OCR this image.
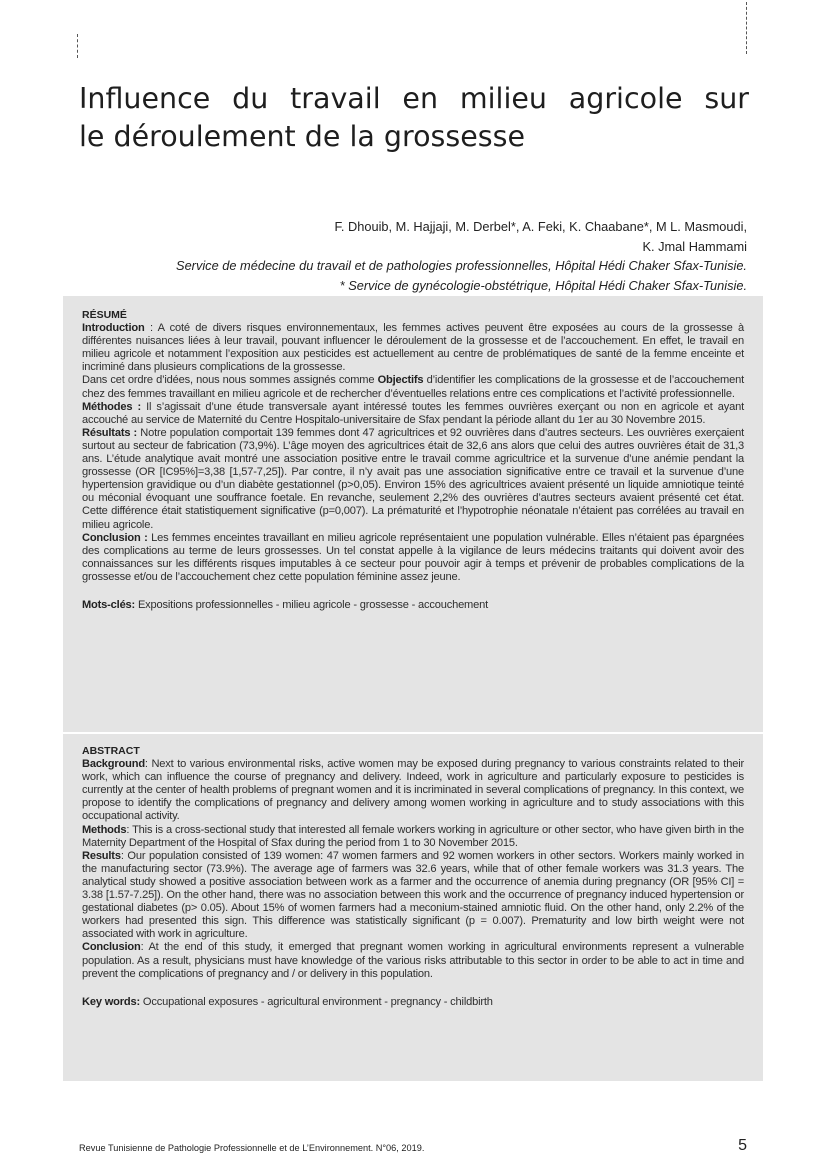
Influence du travail en milieu agricole sur
le déroulement de la grossesse
F. Dhouib, M. Hajjaji, M. Derbel*, A. Feki, K. Chaabane*, M L. Masmoudi,
K. Jmal Hammami
Service de médecine du travail et de pathologies professionnelles, Hôpital Hédi Chaker Sfax-Tunisie.
* Service de gynécologie-obstétrique, Hôpital Hédi Chaker Sfax-Tunisie.
RÉSUMÉ

Introduction : A coté de divers risques environnementaux, les femmes actives peuvent être exposées au cours de la grossesse à différentes nuisances liées à leur travail, pouvant influencer le déroulement de la grossesse et de l’accouchement. En effet, le travail en milieu agricole et notamment l’exposition aux pesticides est actuellement au centre de problématiques de santé de la femme enceinte et incriminé dans plusieurs complications de la grossesse.

Dans cet ordre d’idées, nous nous sommes assignés comme Objectifs d’identifier les complications de la grossesse et de l’accouchement chez des femmes travaillant en milieu agricole et de rechercher d’éventuelles relations entre ces complications et l’activité professionnelle.

Méthodes : Il s’agissait d’une étude transversale ayant intéressé toutes les femmes ouvrières exerçant ou non en agricole et ayant accouché au service de Maternité du Centre Hospitalo-universitaire de Sfax pendant la période allant du 1er au 30 Novembre 2015.

Résultats : Notre population comportait 139 femmes dont 47 agricultrices et 92 ouvrières dans d’autres secteurs. Les ouvrières exerçaient surtout au secteur de fabrication (73,9%). L’âge moyen des agricultrices était de 32,6 ans alors que celui des autres ouvrières était de 31,3 ans. L’étude analytique avait montré une association positive entre le travail comme agricultrice et la survenue d’une anémie pendant la grossesse (OR [IC95%]=3,38 [1,57-7,25]). Par contre, il n’y avait pas une association significative entre ce travail et la survenue d’une hypertension gravidique ou d’un diabète gestationnel (p>0,05). Environ 15% des agricultrices avaient présenté un liquide amniotique teinté ou méconial évoquant une souffrance foetale. En revanche, seulement 2,2% des ouvrières d’autres secteurs avaient présenté cet état. Cette différence était statistiquement significative (p=0,007). La prématurité et l’hypotrophie néonatale n’étaient pas corrélées au travail en milieu agricole.

Conclusion : Les femmes enceintes travaillant en milieu agricole représentaient une population vulnérable. Elles n’étaient pas épargnées des complications au terme de leurs grossesses. Un tel constat appelle à la vigilance de leurs médecins traitants qui doivent avoir des connaissances sur les différents risques imputables à ce secteur pour pouvoir agir à temps et prévenir de probables complications de la grossesse et/ou de l’accouchement chez cette population féminine assez jeune.

Mots-clés: Expositions professionnelles - milieu agricole - grossesse - accouchement

ABSTRACT

Background: Next to various environmental risks, active women may be exposed during pregnancy to various constraints related to their work, which can influence the course of pregnancy and delivery. Indeed, work in agriculture and particularly exposure to pesticides is currently at the center of health problems of pregnant women and it is incriminated in several complications of pregnancy. In this context, we propose to identify the complications of pregnancy and delivery among women working in agriculture and to study associations with this occupational activity.

Methods: This is a cross-sectional study that interested all female workers working in agriculture or other sector, who have given birth in the Maternity Department of the Hospital of Sfax during the period from 1 to 30 November 2015.

Results: Our population consisted of 139 women: 47 women farmers and 92 women workers in other sectors. Workers mainly worked in the manufacturing sector (73.9%). The average age of farmers was 32.6 years, while that of other female workers was 31.3 years. The analytical study showed a positive association between work as a farmer and the occurrence of anemia during pregnancy (OR [95% CI] = 3.38 [1.57-7.25]). On the other hand, there was no association between this work and the occurrence of pregnancy induced hypertension or gestational diabetes (p> 0.05). About 15% of women farmers had a meconium-stained amniotic fluid. On the other hand, only 2.2% of the workers had presented this sign. This difference was statistically significant (p = 0.007). Prematurity and low birth weight were not associated with work in agriculture.

Conclusion: At the end of this study, it emerged that pregnant women working in agricultural environments represent a vulnerable population. As a result, physicians must have knowledge of the various risks attributable to this sector in order to be able to act in time and prevent the complications of pregnancy and / or delivery in this population.

Key words: Occupational exposures - agricultural environment - pregnancy - childbirth

Revue Tunisienne de Pathologie Professionnelle et de L’Environnement. N°06, 2019.	5
